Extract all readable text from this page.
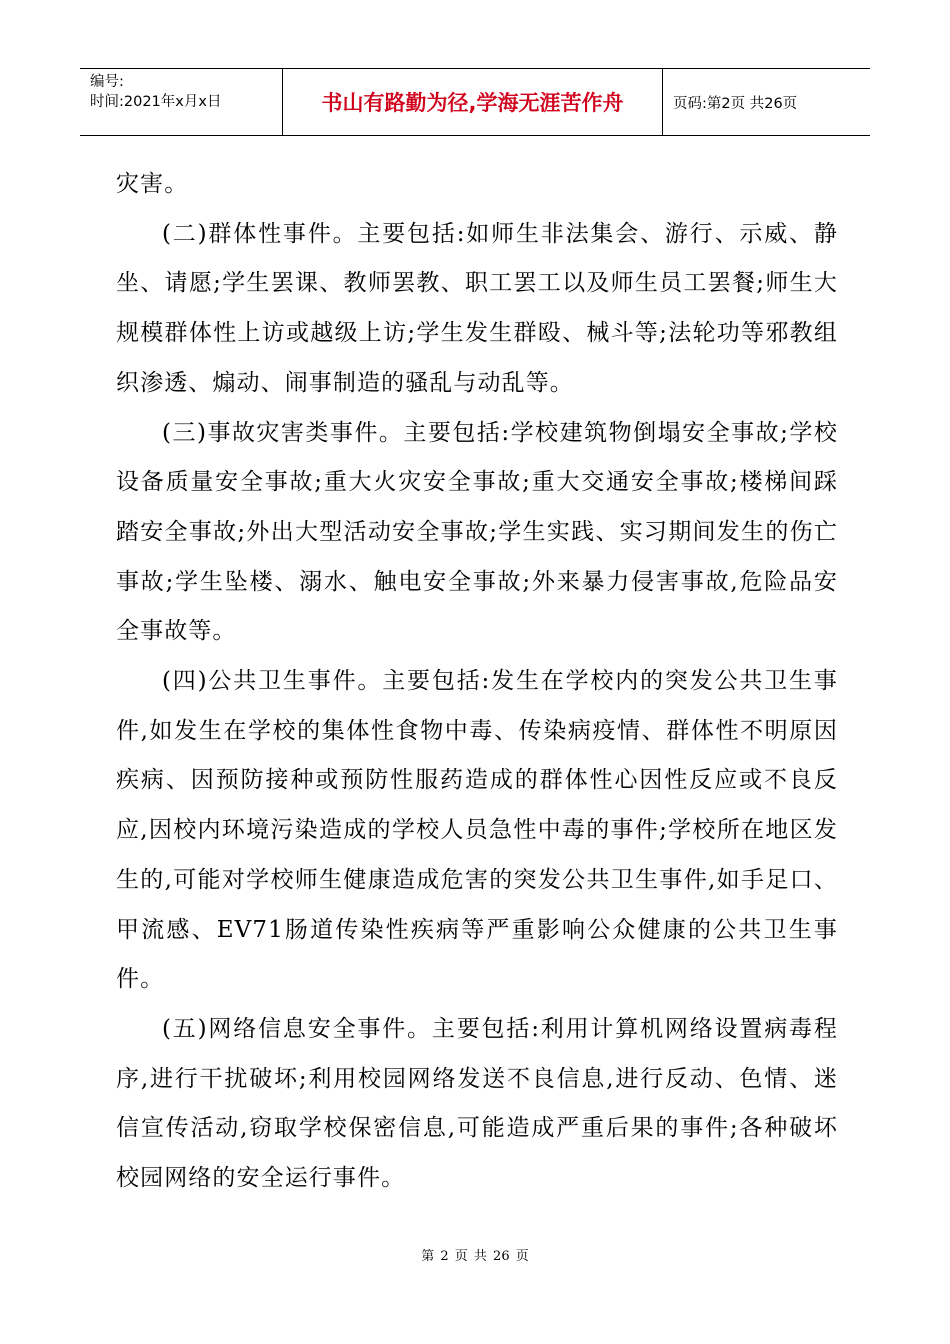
编号:
时间:2021年x月x日	书山有路勤为径,学海无涯苦作舟	页码:第2页 共26页

灾害。

(二)群体性事件。主要包括:如师生非法集会、游行、示威、静坐、请愿;学生罢课、教师罢教、职工罢工以及师生员工罢餐;师生大规模群体性上访或越级上访;学生发生群殴、械斗等;法轮功等邪教组织渗透、煽动、闹事制造的骚乱与动乱等。

(三)事故灾害类事件。主要包括:学校建筑物倒塌安全事故;学校设备质量安全事故;重大火灾安全事故;重大交通安全事故;楼梯间踩踏安全事故;外出大型活动安全事故;学生实践、实习期间发生的伤亡事故;学生坠楼、溺水、触电安全事故;外来暴力侵害事故,危险品安全事故等。

(四)公共卫生事件。主要包括:发生在学校内的突发公共卫生事件,如发生在学校的集体性食物中毒、传染病疫情、群体性不明原因疾病、因预防接种或预防性服药造成的群体性心因性反应或不良反应,因校内环境污染造成的学校人员急性中毒的事件;学校所在地区发生的,可能对学校师生健康造成危害的突发公共卫生事件,如手足口、甲流感、EV71肠道传染性疾病等严重影响公众健康的公共卫生事件。

(五)网络信息安全事件。主要包括:利用计算机网络设置病毒程序,进行干扰破坏;利用校园网络发送不良信息,进行反动、色情、迷信宣传活动,窃取学校保密信息,可能造成严重后果的事件;各种破坏校园网络的安全运行事件。

第 2 页 共 26 页
